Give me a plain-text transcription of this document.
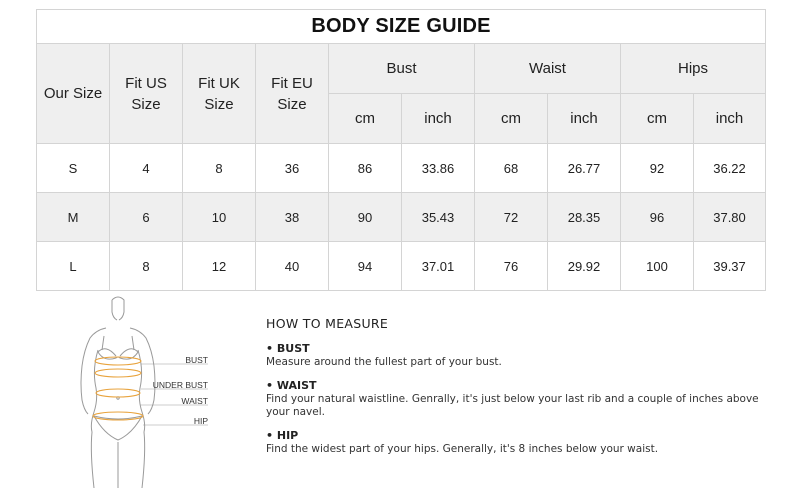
BODY SIZE GUIDE									
Our Size	Fit US Size	Fit UK Size	Fit EU Size	Bust		Waist		Hips	
				cm	inch	cm	inch	cm	inch
S	4	8	36	86	33.86	68	26.77	92	36.22
M	6	10	38	90	35.43	72	28.35	96	37.80
L	8	12	40	94	37.01	76	29.92	100	39.37
BUST
UNDER BUST
WAIST
HIP
HOW TO MEASURE
• BUST
Measure around the fullest part of your bust.
• WAIST
Find your natural waistline. Genrally, it's just below your last rib and a couple of inches above your navel.
• HIP
Find the widest part of your hips. Generally, it's 8 inches below your waist.
